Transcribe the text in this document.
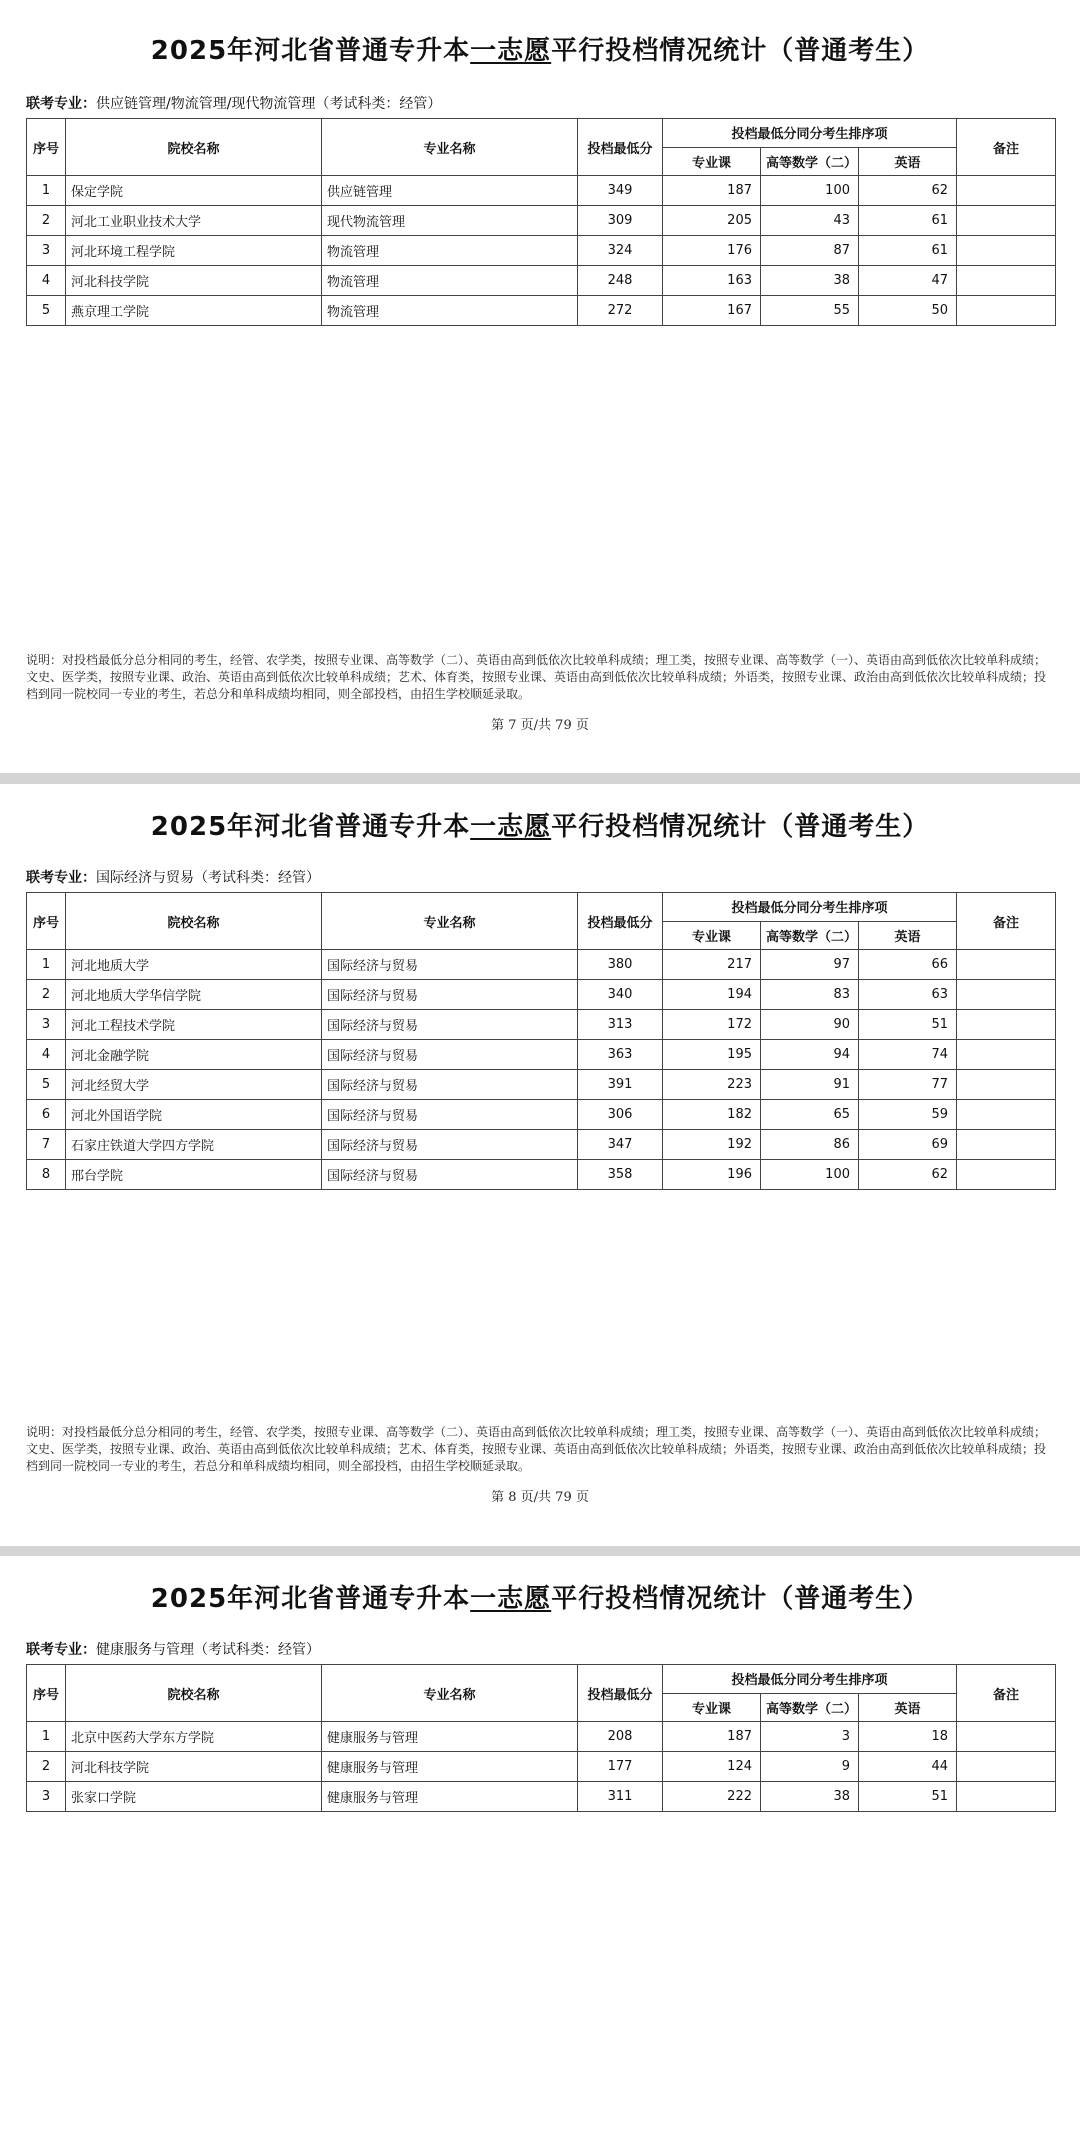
2025年河北省普通专升本一志愿平行投档情况统计（普通考生）
联考专业：供应链管理/物流管理/现代物流管理（考试科类：经管）
序号	院校名称	专业名称	投档最低分	投档最低分同分考生排序项			备注
				专业课	高等数学（二）	英语	
1	保定学院	供应链管理	349	187	100	62	
2	河北工业职业技术大学	现代物流管理	309	205	43	61	
3	河北环境工程学院	物流管理	324	176	87	61	
4	河北科技学院	物流管理	248	163	38	47	
5	燕京理工学院	物流管理	272	167	55	50	
说明：对投档最低分总分相同的考生，经管、农学类，按照专业课、高等数学（二）、英语由高到低依次比较单科成绩；理工类，按照专业课、高等数学（一）、英语由高到低依次比较单科成绩；文史、医学类，按照专业课、政治、英语由高到低依次比较单科成绩；艺术、体育类，按照专业课、英语由高到低依次比较单科成绩；外语类，按照专业课、政治由高到低依次比较单科成绩；投档到同一院校同一专业的考生，若总分和单科成绩均相同，则全部投档，由招生学校顺延录取。
第 7 页/共 79 页
2025年河北省普通专升本一志愿平行投档情况统计（普通考生）
联考专业：国际经济与贸易（考试科类：经管）
序号	院校名称	专业名称	投档最低分	投档最低分同分考生排序项			备注
				专业课	高等数学（二）	英语	
1	河北地质大学	国际经济与贸易	380	217	97	66	
2	河北地质大学华信学院	国际经济与贸易	340	194	83	63	
3	河北工程技术学院	国际经济与贸易	313	172	90	51	
4	河北金融学院	国际经济与贸易	363	195	94	74	
5	河北经贸大学	国际经济与贸易	391	223	91	77	
6	河北外国语学院	国际经济与贸易	306	182	65	59	
7	石家庄铁道大学四方学院	国际经济与贸易	347	192	86	69	
8	邢台学院	国际经济与贸易	358	196	100	62	
说明：对投档最低分总分相同的考生，经管、农学类，按照专业课、高等数学（二）、英语由高到低依次比较单科成绩；理工类，按照专业课、高等数学（一）、英语由高到低依次比较单科成绩；文史、医学类，按照专业课、政治、英语由高到低依次比较单科成绩；艺术、体育类，按照专业课、英语由高到低依次比较单科成绩；外语类，按照专业课、政治由高到低依次比较单科成绩；投档到同一院校同一专业的考生，若总分和单科成绩均相同，则全部投档，由招生学校顺延录取。
第 8 页/共 79 页
2025年河北省普通专升本一志愿平行投档情况统计（普通考生）
联考专业：健康服务与管理（考试科类：经管）
序号	院校名称	专业名称	投档最低分	投档最低分同分考生排序项			备注
				专业课	高等数学（二）	英语	
1	北京中医药大学东方学院	健康服务与管理	208	187	3	18	
2	河北科技学院	健康服务与管理	177	124	9	44	
3	张家口学院	健康服务与管理	311	222	38	51	
